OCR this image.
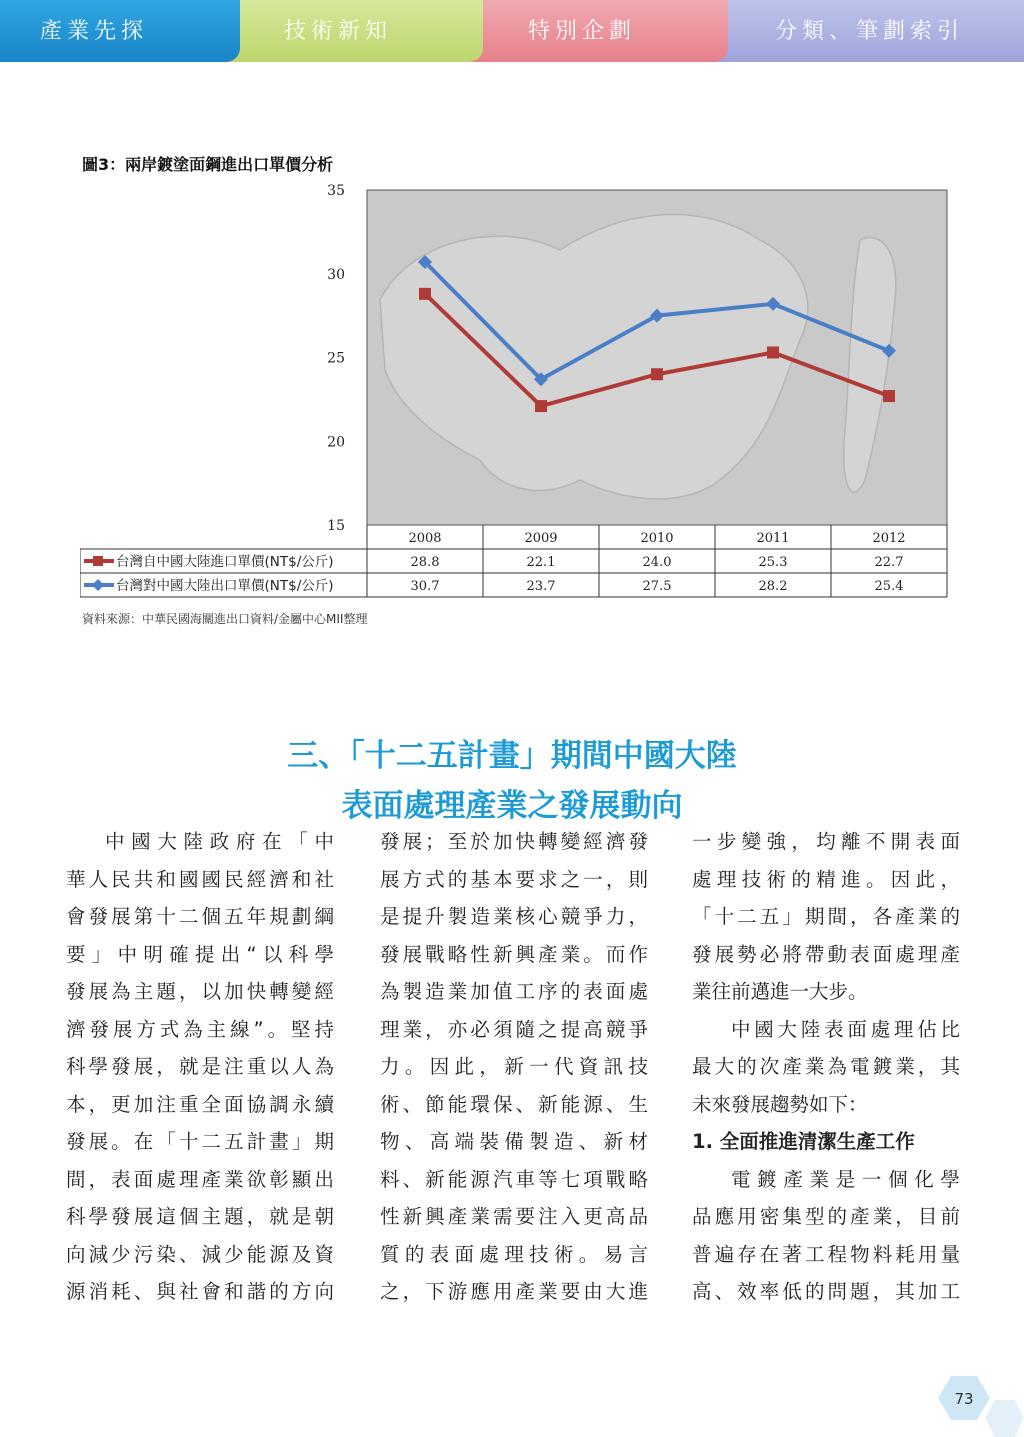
產業先探	技術新知	特別企劃	分類、筆劃索引
圖3：兩岸鍍塗面鋼進出口單價分析
35
30
25
20
15
2008	2009	2010	2011	2012
台灣自中國大陸進口單價(NT$/公斤)	28.8	22.1	24.0	25.3	22.7
台灣對中國大陸出口單價(NT$/公斤)	30.7	23.7	27.5	28.2	25.4
資料來源：中華民國海關進出口資料/金屬中心MII整理
三、「十二五計畫」期間中國大陸
表面處理產業之發展動向

中國大陸政府在「中

華人民共和國國民經濟和社

會發展第十二個五年規劃綱

要」中明確提出“以科學

發展為主題，以加快轉變經

濟發展方式為主線”。堅持

科學發展，就是注重以人為

本，更加注重全面協調永續

發展。在「十二五計畫」期

間，表面處理產業欲彰顯出

科學發展這個主題，就是朝

向減少污染、減少能源及資

源消耗、與社會和諧的方向

發展；至於加快轉變經濟發

展方式的基本要求之一，則

是提升製造業核心競爭力，

發展戰略性新興產業。而作

為製造業加值工序的表面處

理業，亦必須隨之提高競爭

力。因此，新一代資訊技

術、節能環保、新能源、生

物、高端裝備製造、新材

料、新能源汽車等七項戰略

性新興產業需要注入更高品

質的表面處理技術。易言

之，下游應用產業要由大進

一步變強，均離不開表面

處理技術的精進。因此，

「十二五」期間，各產業的

發展勢必將帶動表面處理產

業往前邁進一大步。

中國大陸表面處理佔比

最大的次產業為電鍍業，其

未來發展趨勢如下：

1. 全面推進清潔生產工作

電鍍產業是一個化學

品應用密集型的產業，目前

普遍存在著工程物料耗用量

高、效率低的問題，其加工

73
